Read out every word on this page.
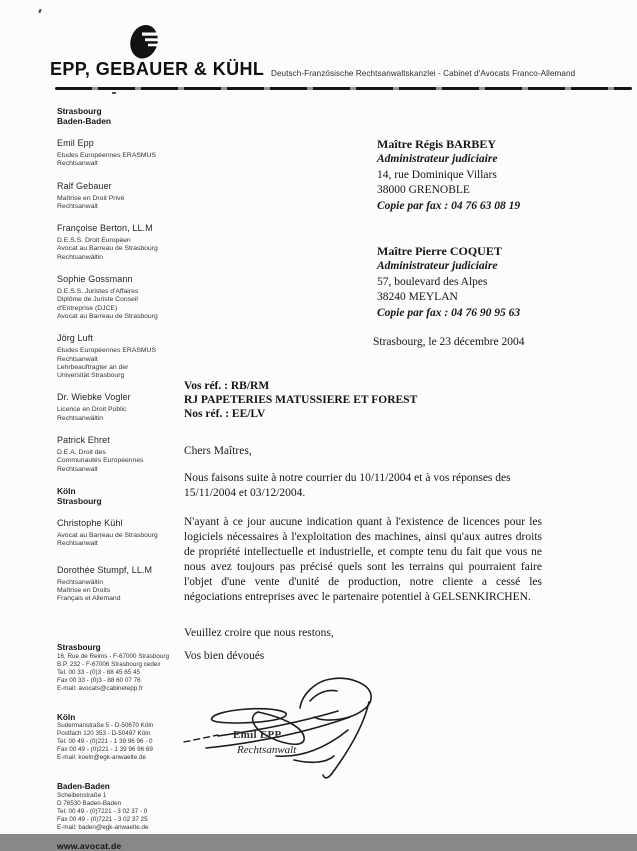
EPP, GEBAUER & KÜHL Deutsch-Französische Rechtsanwaltskanzlei - Cabinet d'Avocats Franco-Allemand
Strasbourg
Baden-Baden
Emil Epp
Etudes Européennes ERASMUS
Rechtsanwalt
Ralf Gebauer
Maîtrise en Droit Privé
Rechtsanwalt
Françoise Berton, LL.M
D.E.S.S. Droit Européen
Avocat au Barreau de Strasbourg
Rechtsanwältin
Sophie Gossmann
D.E.S.S. Juristes d'Affaires
Diplôme de Juriste Conseil
d'Entreprise (DJCE)
Avocat au Barreau de Strasbourg
Jörg Luft
Etudes Européennes ERASMUS
Rechtsanwalt
Lehrbeauftragter an der
Universität Strasbourg
Dr. Wiebke Vogler
Licence en Droit Public
Rechtsanwältin
Patrick Ehret
D.E.A. Droit des
Communautés Européennes
Rechtsanwalt
Köln
Strasbourg
Christophe Kühl
Avocat au Barreau de Strasbourg
Rechtsanwalt
Dorothée Stumpf, LL.M
Rechtsanwältin
Maîtrise en Droits
Français et Allemand
Strasbourg
16, Rue de Reims - F-67000 Strasbourg
B.P. 232 - F-67006 Strasbourg cedex
Tel. 00 33 - (0)3 - 88 45 65 45
Fax 00 33 - (0)3 - 88 60 07 76
E-mail: avocats@cabinetepp.fr
Köln
Sudermanstraße 5 - D-50670 Köln
Postfach 120 353 - D-50497 Köln
Tel. 00 49 - (0)221 - 1 39 96 96 - 0
Fax 00 49 - (0)221 - 1 39 96 96 69
E-mail: koeln@egk-anwaelte.de
Baden-Baden
Scheibenstraße 1
D 76530 Baden-Baden
Tel. 00 49 - (0)7221 - 3 02 37 - 0
Fax 00 49 - (0)7221 - 3 02 37 25
E-mail: baden@egk-anwaelte.de
www.avocat.de
Maître Régis BARBEY
Administrateur judiciaire
14, rue Dominique Villars
38000 GRENOBLE
Copie par fax : 04 76 63 08 19
Maître Pierre COQUET
Administrateur judiciaire
57, boulevard des Alpes
38240 MEYLAN
Copie par fax : 04 76 90 95 63
Strasbourg, le 23 décembre 2004
Vos réf. : RB/RM
RJ PAPETERIES MATUSSIERE ET FOREST
Nos réf. : EE/LV
Chers Maîtres,
Nous faisons suite à notre courrier du 10/11/2004 et à vos réponses des 15/11/2004 et 03/12/2004.
N'ayant à ce jour aucune indication quant à l'existence de licences pour les logiciels nécessaires à l'exploitation des machines, ainsi qu'aux autres droits de propriété intellectuelle et industrielle, et compte tenu du fait que vous ne nous avez toujours pas précisé quels sont les terrains qui pourraient faire l'objet d'une vente d'unité de production, notre cliente a cessé les négociations entreprises avec le partenaire potentiel à GELSENKIRCHEN.
Veuillez croire que nous restons,
Vos bien dévoués
Emil EPP
Rechtsanwalt
